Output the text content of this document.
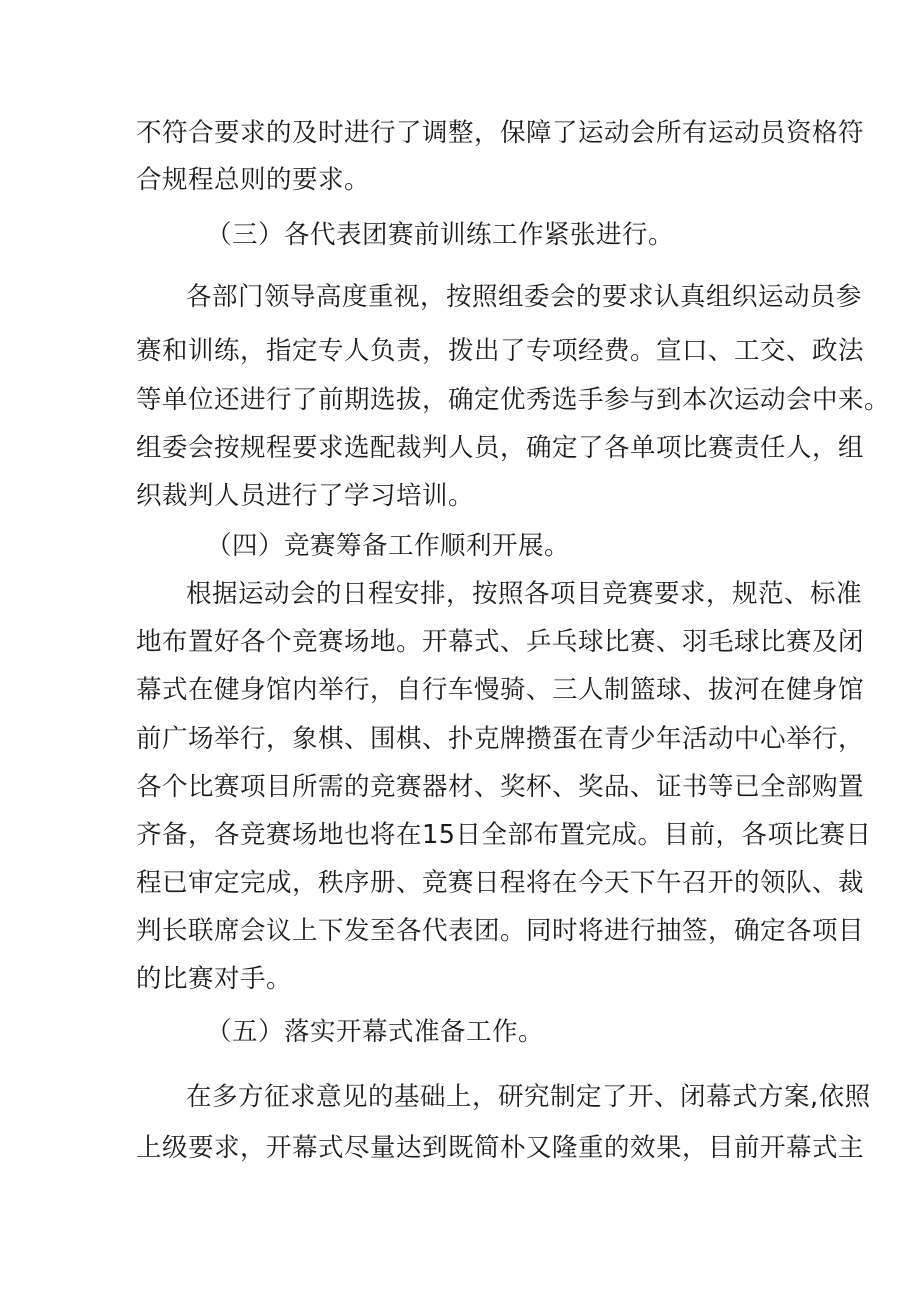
不符合要求的及时进行了调整，保障了运动会所有运动员资格符
合规程总则的要求。
（三）各代表团赛前训练工作紧张进行。
各部门领导高度重视，按照组委会的要求认真组织运动员参
赛和训练，指定专人负责，拨出了专项经费。宣口、工交、政法
等单位还进行了前期选拔，确定优秀选手参与到本次运动会中来。
组委会按规程要求选配裁判人员，确定了各单项比赛责任人，组
织裁判人员进行了学习培训。
（四）竞赛筹备工作顺利开展。
根据运动会的日程安排，按照各项目竞赛要求，规范、标准
地布置好各个竞赛场地。开幕式、乒乓球比赛、羽毛球比赛及闭
幕式在健身馆内举行，自行车慢骑、三人制篮球、拔河在健身馆
前广场举行，象棋、围棋、扑克牌攒蛋在青少年活动中心举行，
各个比赛项目所需的竞赛器材、奖杯、奖品、证书等已全部购置
齐备，各竞赛场地也将在15日全部布置完成。目前，各项比赛日
程已审定完成，秩序册、竞赛日程将在今天下午召开的领队、裁
判长联席会议上下发至各代表团。同时将进行抽签，确定各项目
的比赛对手。
（五）落实开幕式准备工作。
在多方征求意见的基础上，研究制定了开、闭幕式方案,依照
上级要求，开幕式尽量达到既简朴又隆重的效果，目前开幕式主
